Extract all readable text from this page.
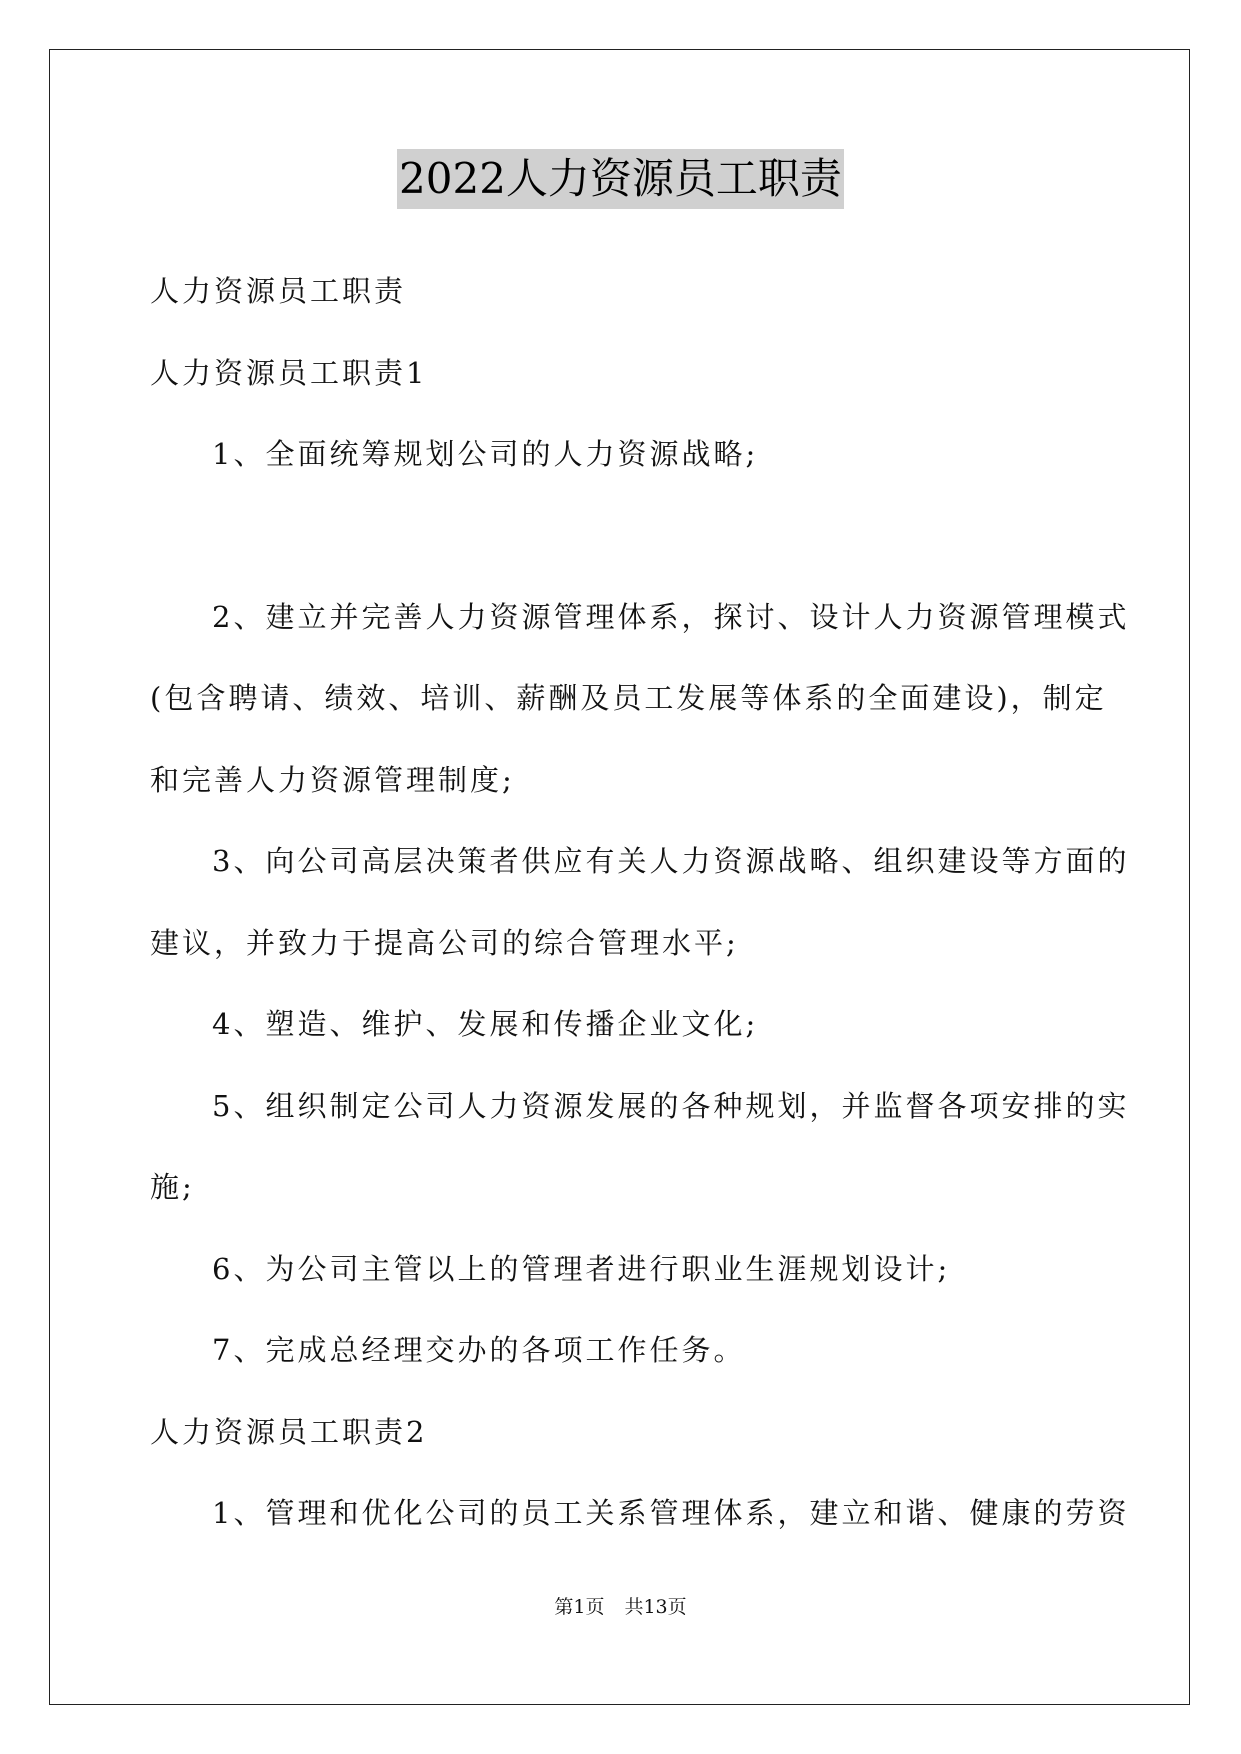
2022人力资源员工职责
人力资源员工职责
人力资源员工职责1
1、全面统筹规划公司的人力资源战略;
2、建立并完善人力资源管理体系，探讨、设计人力资源管理模式
(包含聘请、绩效、培训、薪酬及员工发展等体系的全面建设)，制定
和完善人力资源管理制度;
3、向公司高层决策者供应有关人力资源战略、组织建设等方面的
建议，并致力于提高公司的综合管理水平;
4、塑造、维护、发展和传播企业文化;
5、组织制定公司人力资源发展的各种规划，并监督各项安排的实
施;
6、为公司主管以上的管理者进行职业生涯规划设计;
7、完成总经理交办的各项工作任务。
人力资源员工职责2
1、管理和优化公司的员工关系管理体系，建立和谐、健康的劳资
第1页 共13页
